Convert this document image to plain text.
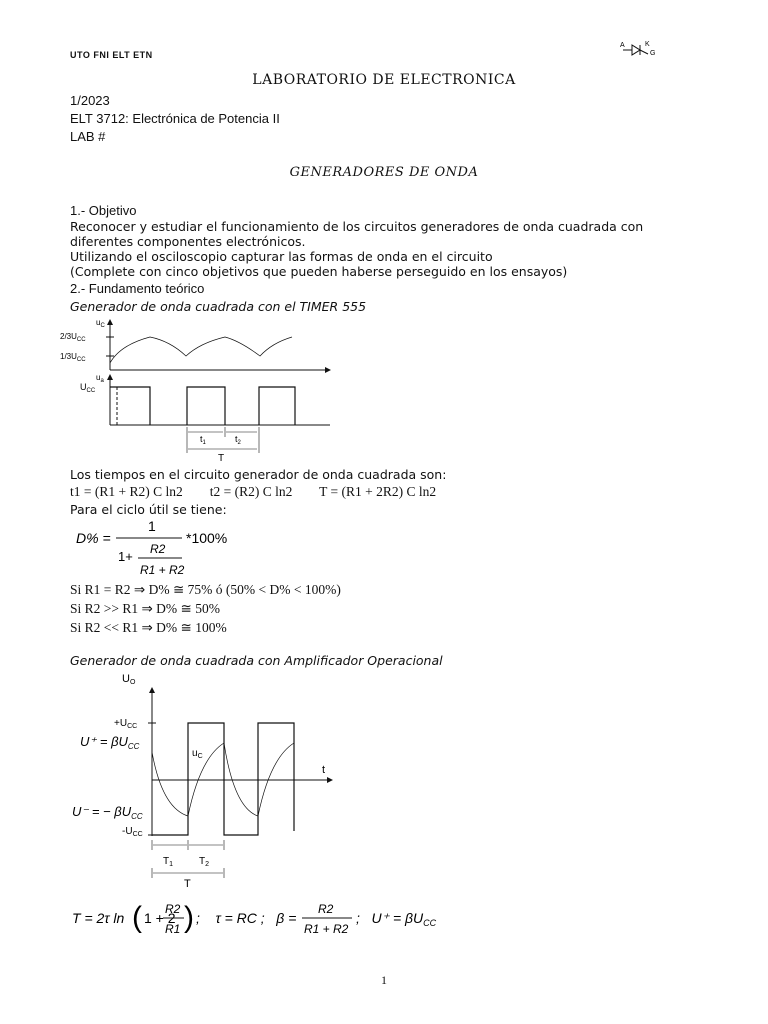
UTO FNI ELT ETN
A	K
G
LABORATORIO DE ELECTRONICA
1/2023
ELT 3712: Electrónica de Potencia II
LAB #
GENERADORES DE ONDA
1.- Objetivo
Reconocer y estudiar el funcionamiento de los circuitos generadores de onda cuadrada con
diferentes componentes electrónicos.
Utilizando el osciloscopio capturar las formas de onda en el circuito
(Complete con cinco objetivos que pueden haberse perseguido en los ensayos)
2.- Fundamento teórico
Generador de onda cuadrada con el TIMER 555
$u_C$
$2/3U_{CC}$
$1/3U_{CC}$
$u_a$
$U_{CC}$
$t_1$	$t_2$
T
Los tiempos en el circuito generador de onda cuadrada son:
t1 = (R1 + R2) C ln2        t2 = (R2) C ln2        T = (R1 + 2R2) C ln2
Para el ciclo útil se tiene:
D% =
1
1+ R2
R1 + R2
*100%
Si R1 = R2 ⇒ D% ≅ 75% ó (50% < D% < 100%)
Si R2 >> R1 ⇒ D% ≅ 50%
Si R2 << R1 ⇒ D% ≅ 100%
Generador de onda cuadrada con Amplificador Operacional
UO
t
$+U_{CC}$
$-U_{CC}$
$U^+ = \beta U_{CC}$
U⁻ = − $\beta U_{CC}$
$u_C$
$T_1$	$T_2$
T
T = 2τ ln ( 1 + 2
R2
R1 ) ;    τ = RC ;   β =
R2
R1 + R2
;   $U^+ = \beta U_{CC}$
1
